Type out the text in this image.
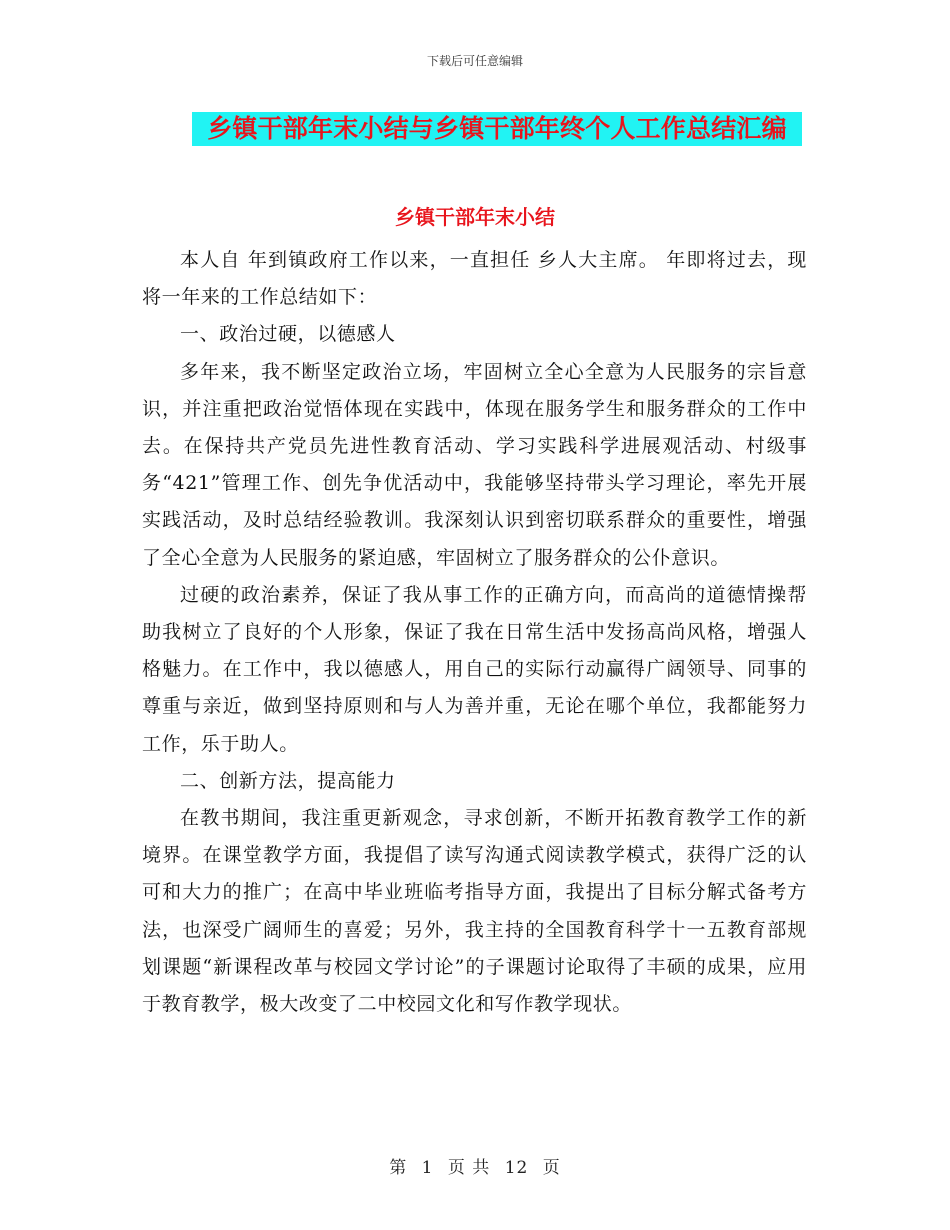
下载后可任意编辑
乡镇干部年末小结与乡镇干部年终个人工作总结汇编
乡镇干部年末小结

本人自 年到镇政府工作以来，一直担任 乡人大主席。 年即将过去，现将一年来的工作总结如下：

一、政治过硬，以德感人

多年来，我不断坚定政治立场，牢固树立全心全意为人民服务的宗旨意识，并注重把政治觉悟体现在实践中，体现在服务学生和服务群众的工作中去。在保持共产党员先进性教育活动、学习实践科学进展观活动、村级事务“421”管理工作、创先争优活动中，我能够坚持带头学习理论，率先开展实践活动，及时总结经验教训。我深刻认识到密切联系群众的重要性，增强了全心全意为人民服务的紧迫感，牢固树立了服务群众的公仆意识。

过硬的政治素养，保证了我从事工作的正确方向，而高尚的道德情操帮助我树立了良好的个人形象，保证了我在日常生活中发扬高尚风格，增强人格魅力。在工作中，我以德感人，用自己的实际行动赢得广阔领导、同事的尊重与亲近，做到坚持原则和与人为善并重，无论在哪个单位，我都能努力工作，乐于助人。

二、创新方法，提高能力

在教书期间，我注重更新观念，寻求创新，不断开拓教育教学工作的新境界。在课堂教学方面，我提倡了读写沟通式阅读教学模式，获得广泛的认可和大力的推广；在高中毕业班临考指导方面，我提出了目标分解式备考方法，也深受广阔师生的喜爱；另外，我主持的全国教育科学十一五教育部规划课题“新课程改革与校园文学讨论”的子课题讨论取得了丰硕的成果，应用于教育教学，极大改变了二中校园文化和写作教学现状。

第 1 页 共 12 页
